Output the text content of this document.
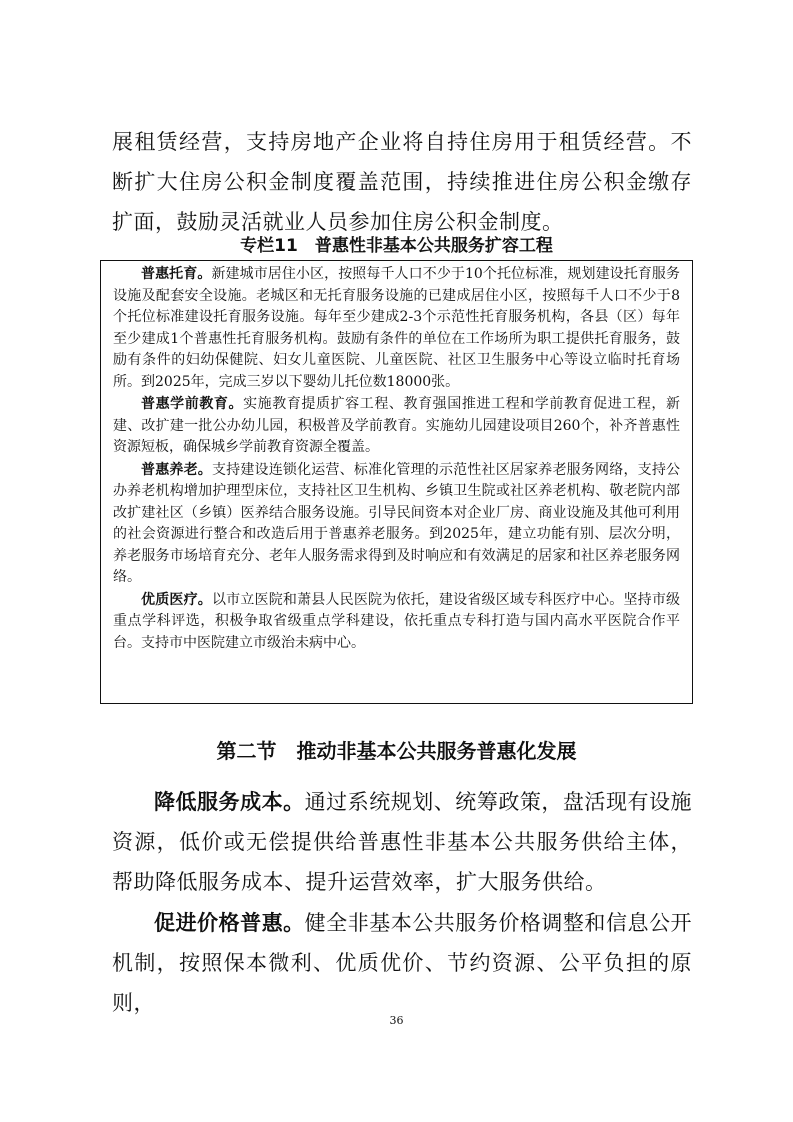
展租赁经营，支持房地产企业将自持住房用于租赁经营。不断扩大住房公积金制度覆盖范围，持续推进住房公积金缴存扩面，鼓励灵活就业人员参加住房公积金制度。

专栏11　普惠性非基本公共服务扩容工程

普惠托育。新建城市居住小区，按照每千人口不少于10个托位标准，规划建设托育服务设施及配套安全设施。老城区和无托育服务设施的已建成居住小区，按照每千人口不少于8个托位标准建设托育服务设施。每年至少建成2-3个示范性托育服务机构，各县（区）每年至少建成1个普惠性托育服务机构。鼓励有条件的单位在工作场所为职工提供托育服务，鼓励有条件的妇幼保健院、妇女儿童医院、儿童医院、社区卫生服务中心等设立临时托育场所。到2025年，完成三岁以下婴幼儿托位数18000张。

普惠学前教育。实施教育提质扩容工程、教育强国推进工程和学前教育促进工程，新建、改扩建一批公办幼儿园，积极普及学前教育。实施幼儿园建设项目260个，补齐普惠性资源短板，确保城乡学前教育资源全覆盖。

普惠养老。支持建设连锁化运营、标准化管理的示范性社区居家养老服务网络，支持公办养老机构增加护理型床位，支持社区卫生机构、乡镇卫生院或社区养老机构、敬老院内部改扩建社区（乡镇）医养结合服务设施。引导民间资本对企业厂房、商业设施及其他可利用的社会资源进行整合和改造后用于普惠养老服务。到2025年，建立功能有别、层次分明，养老服务市场培育充分、老年人服务需求得到及时响应和有效满足的居家和社区养老服务网络。

优质医疗。以市立医院和萧县人民医院为依托，建设省级区域专科医疗中心。坚持市级重点学科评选，积极争取省级重点学科建设，依托重点专科打造与国内高水平医院合作平台。支持市中医院建立市级治未病中心。

第二节　推动非基本公共服务普惠化发展

降低服务成本。通过系统规划、统筹政策，盘活现有设施资源，低价或无偿提供给普惠性非基本公共服务供给主体，帮助降低服务成本、提升运营效率，扩大服务供给。

促进价格普惠。健全非基本公共服务价格调整和信息公开机制，按照保本微利、优质优价、节约资源、公平负担的原则，

36
